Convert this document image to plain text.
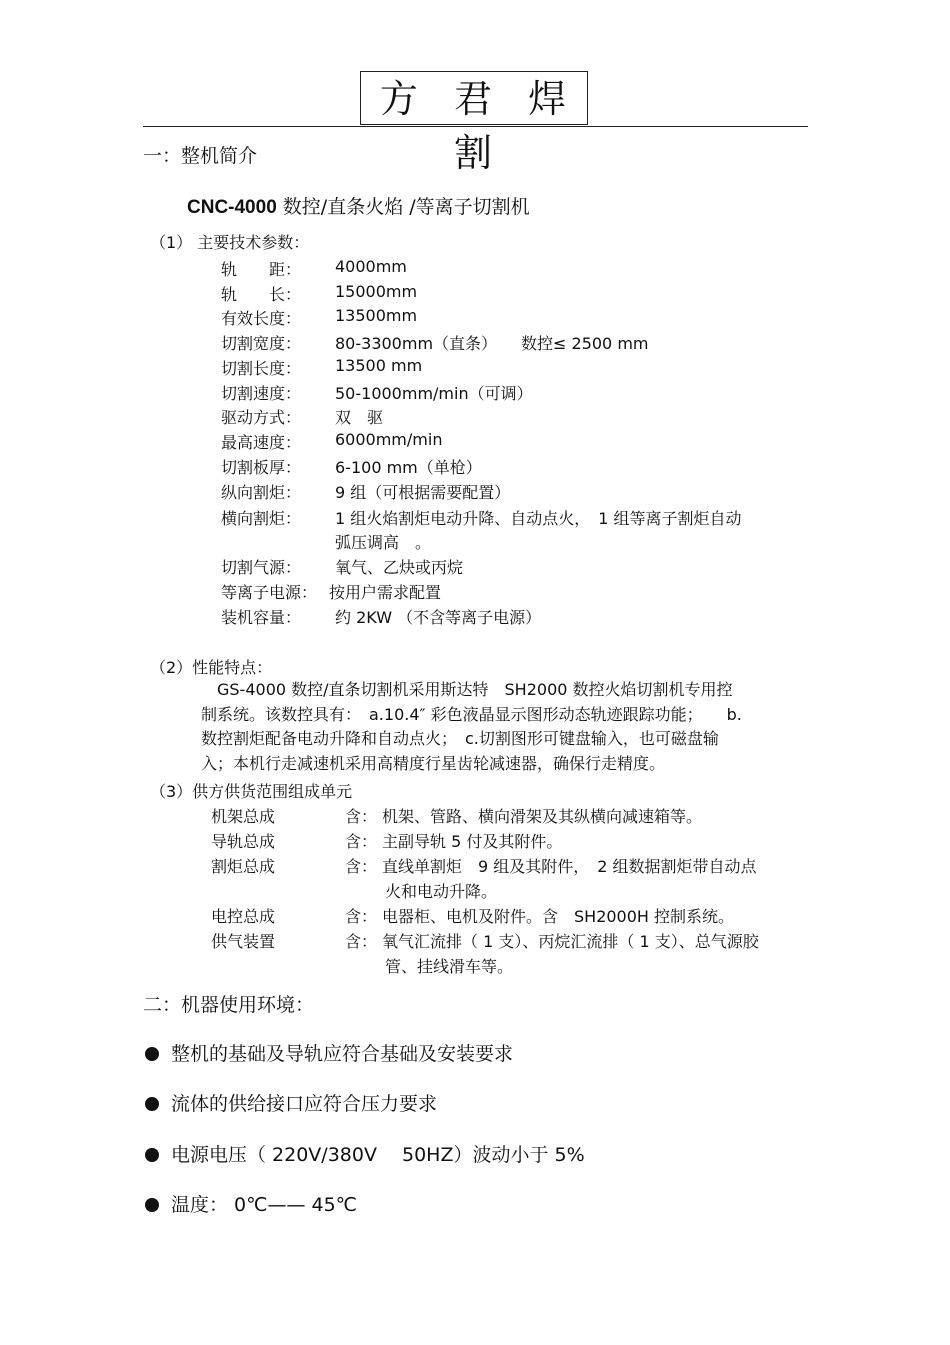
方 君 焊 割
一：整机简介
CNC-4000 数控/直条火焰 /等离子切割机
（1） 主要技术参数：
轨　　距： 4000mm
轨　　长： 15000mm
有效长度： 13500mm
切割宽度： 80-3300mm（直条）　　数控≤ 2500 mm
切割长度： 13500 mm
切割速度： 50-1000mm/min（可调）
驱动方式： 双　驱
最高速度： 6000mm/min
切割板厚： 6-100 mm（单枪）
纵向割炬： 9 组（可根据需要配置）
横向割炬： 1 组火焰割炬电动升降、自动点火，　1 组等离子割炬自动
弧压调高　。
切割气源： 氧气、乙炔或丙烷
等离子电源： 按用户需求配置
装机容量： 约 2KW （不含等离子电源）
（2）性能特点：
　GS-4000 数控/直条切割机采用斯达特　SH2000 数控火焰切割机专用控
制系统。该数控具有：　a.10.4″ 彩色液晶显示图形动态轨迹跟踪功能；　　b.
数控割炬配备电动升降和自动点火；　c.切割图形可键盘输入，也可磁盘输
入；本机行走减速机采用高精度行星齿轮减速器，确保行走精度。
（3）供方供货范围组成单元
机架总成	含： 机架、管路、横向滑架及其纵横向减速箱等。
导轨总成	含： 主副导轨 5 付及其附件。
割炬总成	含： 直线单割炬　9 组及其附件，　2 组数据割炬带自动点
火和电动升降。
电控总成	含： 电器柜、电机及附件。含　SH2000H 控制系统。
供气装置	含： 氧气汇流排（ 1 支）、丙烷汇流排（ 1 支）、总气源胶
管、挂线滑车等。
二：机器使用环境：
整机的基础及导轨应符合基础及安装要求
流体的供给接口应符合压力要求
电源电压（ 220V/380V　 50HZ）波动小于 5%
温度： 0℃—— 45℃
